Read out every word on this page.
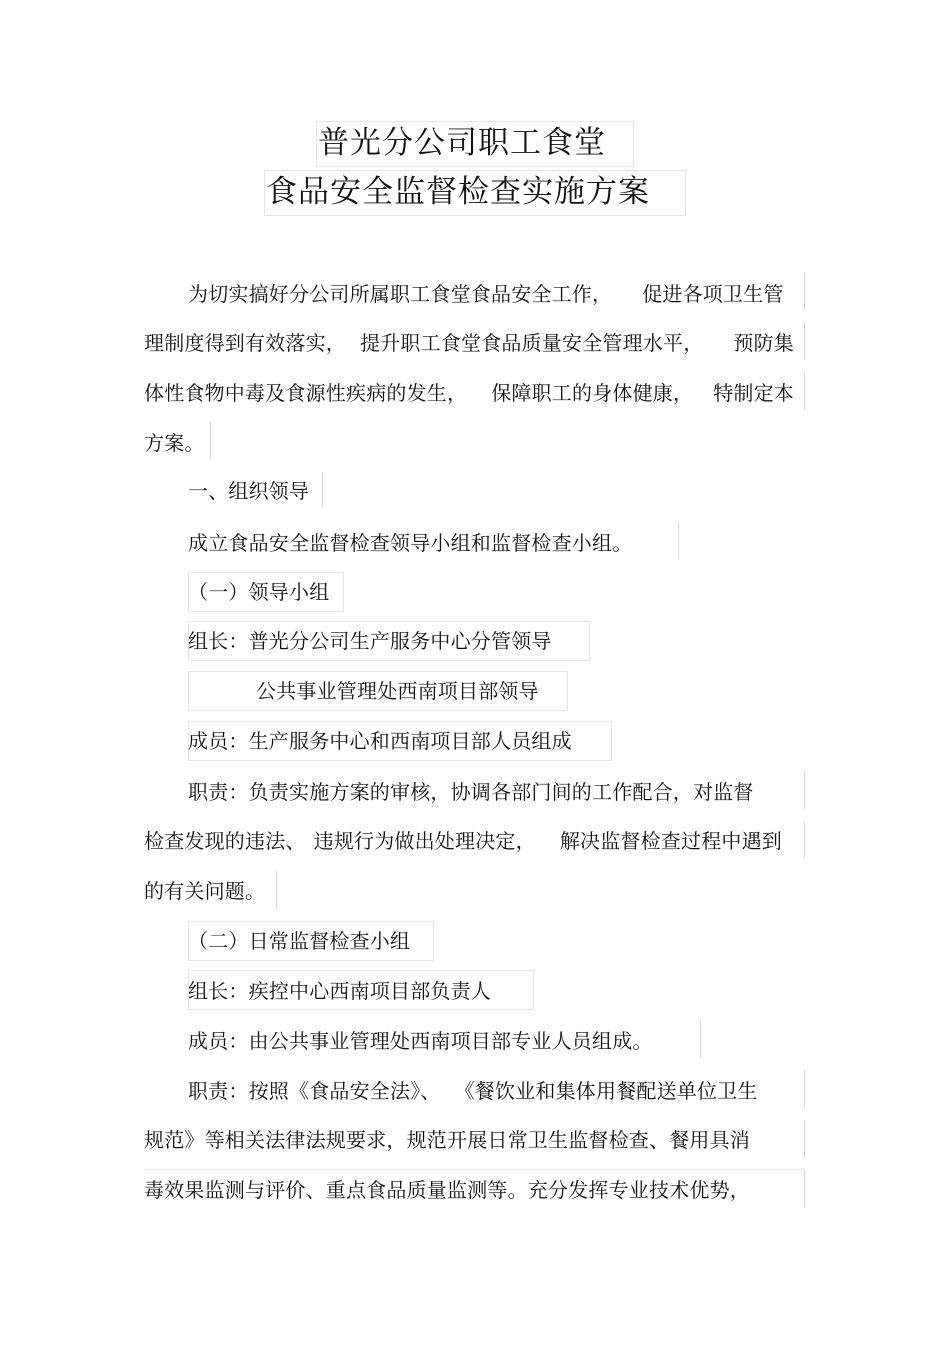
普光分公司职工食堂
食品安全监督检查实施方案
为切实搞好分公司所属职工食堂食品安全工作， 促进各项卫生管
理制度得到有效落实， 提升职工食堂食品质量安全管理水平， 预防集
体性食物中毒及食源性疾病的发生， 保障职工的身体健康， 特制定本
方案。
一、组织领导
成立食品安全监督检查领导小组和监督检查小组。
（一）领导小组
组长：普光分公司生产服务中心分管领导
公共事业管理处西南项目部领导
成员：生产服务中心和西南项目部人员组成
职责：负责实施方案的审核，协调各部门间的工作配合，对监督
检查发现的违法、 违规行为做出处理决定， 解决监督检查过程中遇到
的有关问题。
（二）日常监督检查小组
组长：疾控中心西南项目部负责人
成员：由公共事业管理处西南项目部专业人员组成。
职责：按照《食品安全法》、 《餐饮业和集体用餐配送单位卫生
规范》等相关法律法规要求，规范开展日常卫生监督检查、餐用具消
毒效果监测与评价、重点食品质量监测等。充分发挥专业技术优势，
